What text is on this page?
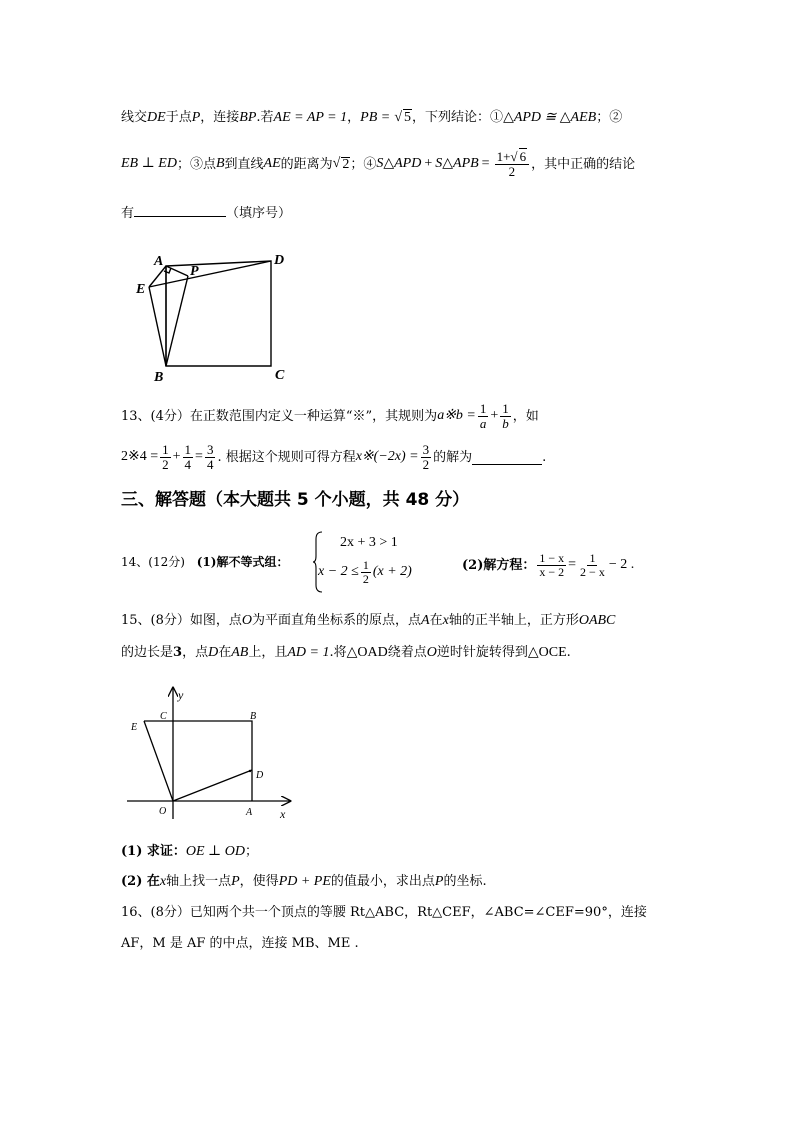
线交DE于点P，连接BP.若AE = AP = 1，PB = √ 5，下列结论：①△APD ≅ △AEB；②
EB ⊥ ED ；③点 B 到直线 AE 的距离为 √ 2 ；④ S △APD + S △APB = $\frac{1+√ 6}{2}$ ，其中正确的结论
有	（填序号）
A
P
D
E
B	C
13、(4分）在正数范围内定义一种运算“※”，其规则为 a※b = $\frac{1}{a} + \frac{1}{b}$ ，如
2※4 = $\frac{1}{2} + \frac{1}{4} = \frac{3}{4}$ . 根据这个规则可得方程 x※(−2x) = $\frac{3}{2}$ 的解为	.
三、解答题（本大题共 5 个小题，共 48 分）
14、(12分) (1)解不等式组：
2x + 3 > 1
$x - 2 \le \frac{1}{2} (x + 2)$	(2)解方程： $\frac{1 - x}{x - 2} = \frac{1}{2 - x} - 2$ .
15、(8分）如图，点O为平面直角坐标系的原点，点A在x轴的正半轴上，正方形OABC
的边长是3，点D在AB上，且AD = 1.将△OAD绕着点O逆时针旋转得到△OCE.
y
C	B
E
D
O	A x
(1) 求证：OE ⊥ OD；
(2) 在x轴上找一点P，使得PD + PE的值最小，求出点P的坐标.
16、(8分）已知两个共一个顶点的等腰 Rt△ABC，Rt△CEF，∠ABC=∠CEF=90°，连接
AF，M 是 AF 的中点，连接 MB、ME .
